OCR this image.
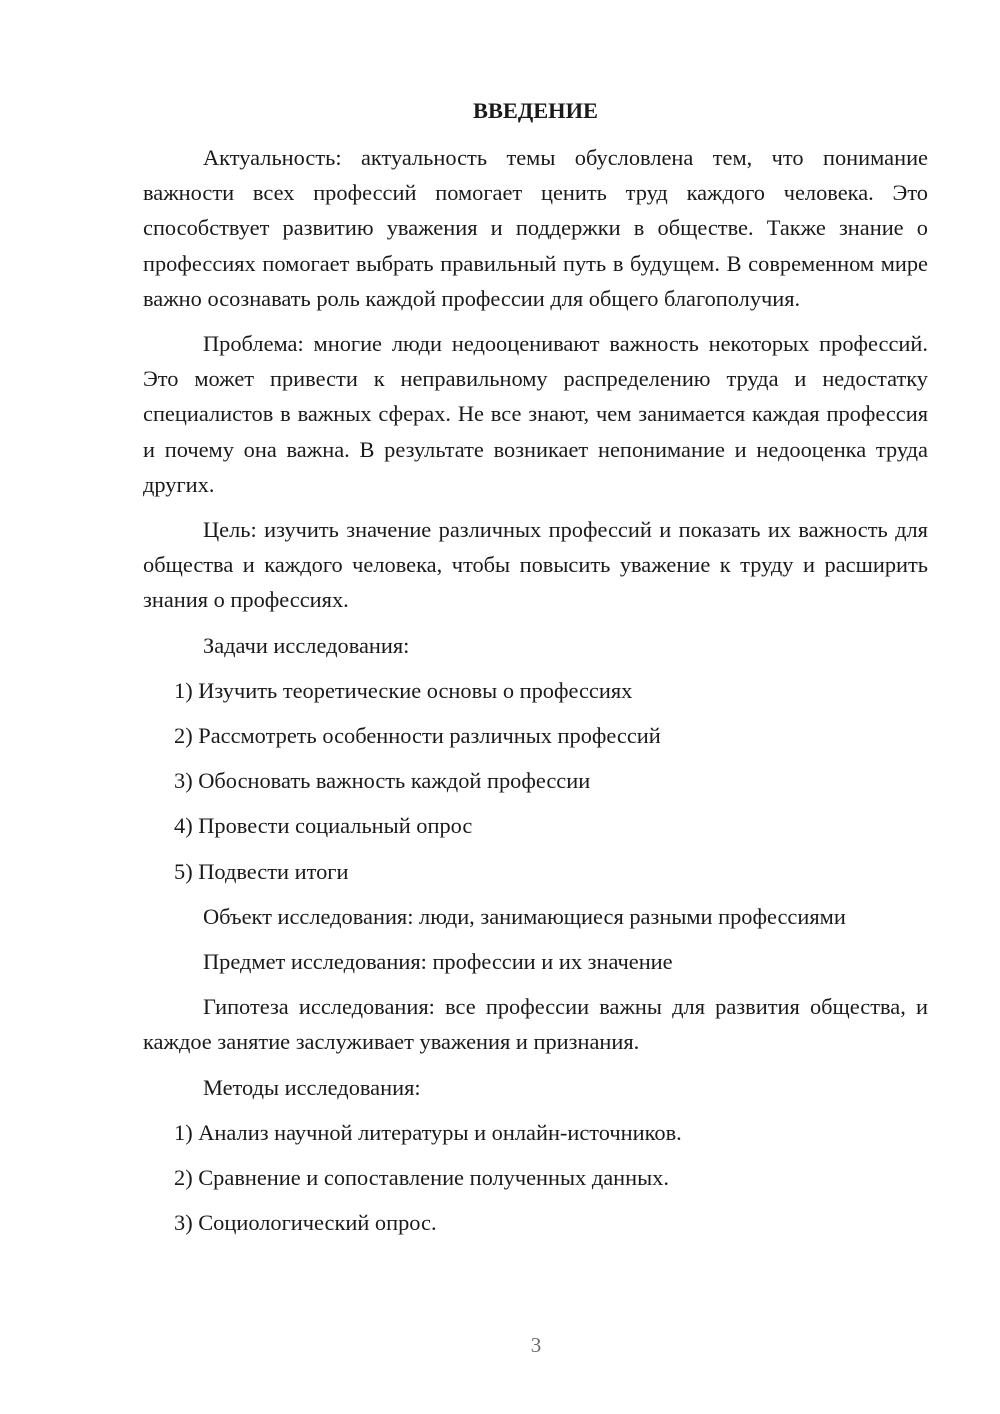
ВВЕДЕНИЕ

Актуальность: актуальность темы обусловлена тем, что понимание важности всех профессий помогает ценить труд каждого человека. Это способствует развитию уважения и поддержки в обществе. Также знание о профессиях помогает выбрать правильный путь в будущем. В современном мире важно осознавать роль каждой профессии для общего благополучия.

Проблема: многие люди недооценивают важность некоторых профессий. Это может привести к неправильному распределению труда и недостатку специалистов в важных сферах. Не все знают, чем занимается каждая профессия и почему она важна. В результате возникает непонимание и недооценка труда других.

Цель: изучить значение различных профессий и показать их важность для общества и каждого человека, чтобы повысить уважение к труду и расширить знания о профессиях.

Задачи исследования:
1) Изучить теоретические основы о профессиях
2) Рассмотреть особенности различных профессий
3) Обосновать важность каждой профессии
4) Провести социальный опрос
5) Подвести итоги
Объект исследования: люди, занимающиеся разными профессиями
Предмет исследования: профессии и их значение

Гипотеза исследования: все профессии важны для развития общества, и каждое занятие заслуживает уважения и признания.

Методы исследования:
1) Анализ научной литературы и онлайн-источников.
2) Сравнение и сопоставление полученных данных.
3) Социологический опрос.
3
